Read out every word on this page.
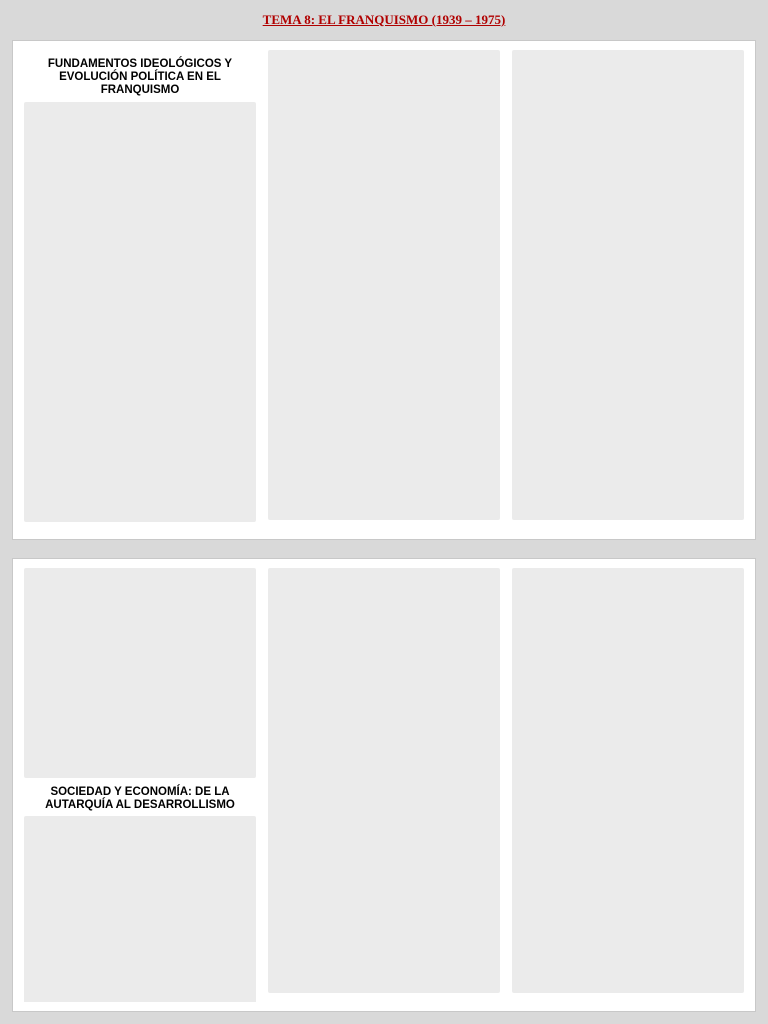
TEMA 8: EL FRANQUISMO (1939 – 1975)
FUNDAMENTOS IDEOLÓGICOS Y EVOLUCIÓN POLÍTICA EN EL FRANQUISMO
SOCIEDAD Y ECONOMÍA: DE LA AUTARQUÍA AL DESARROLLISMO
